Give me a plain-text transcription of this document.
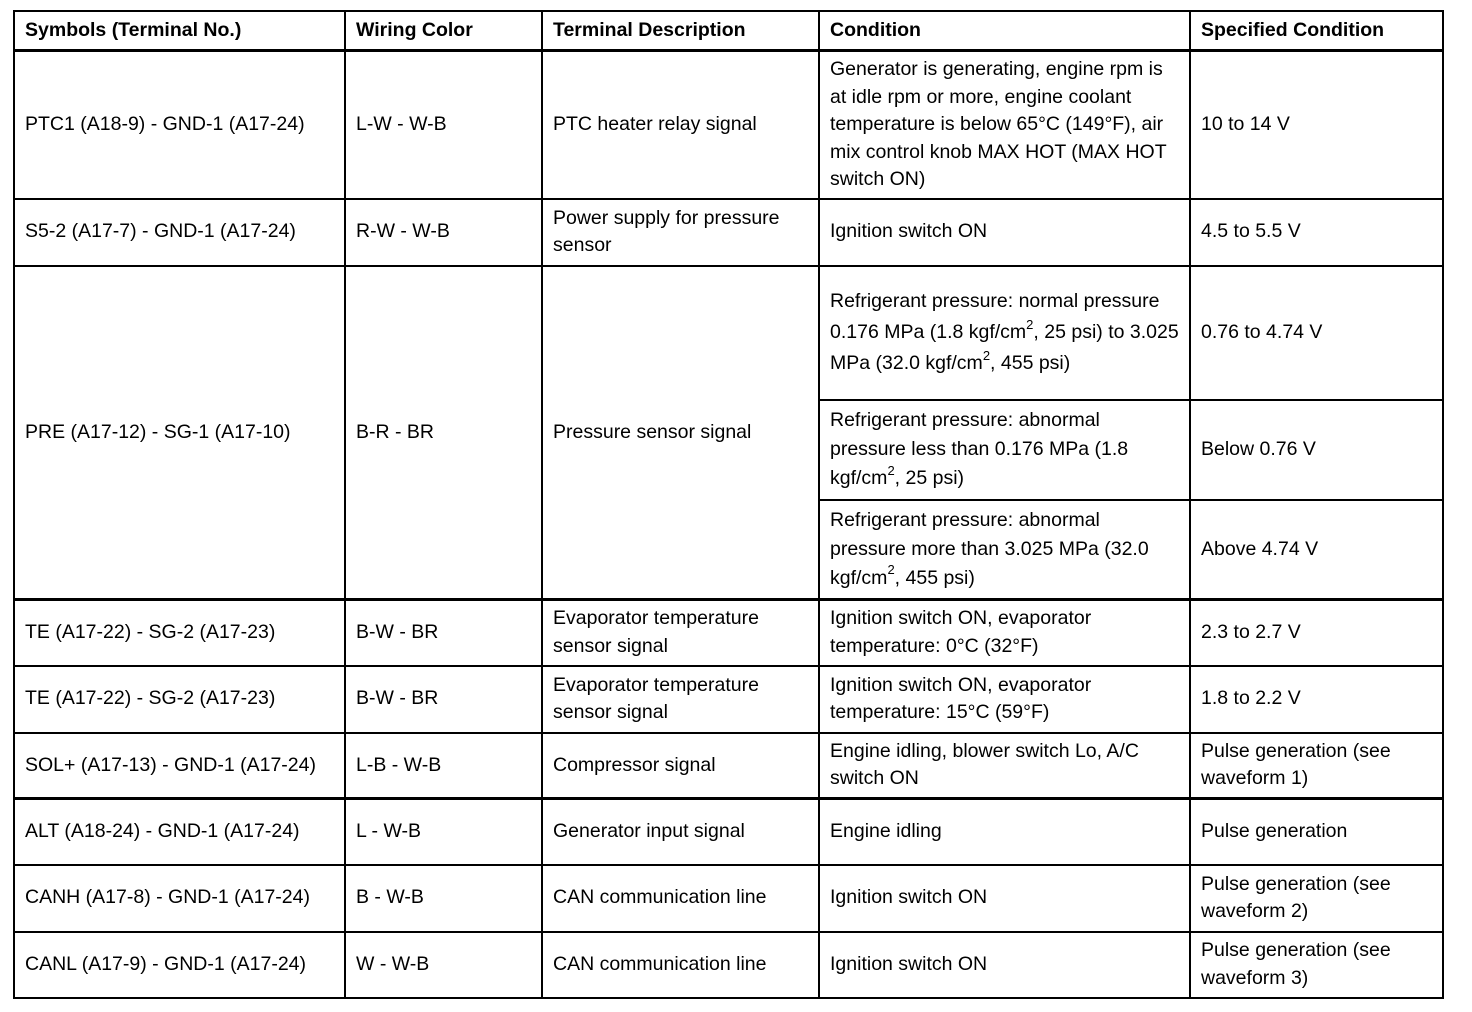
Symbols (Terminal No.)	Wiring Color	Terminal Description	Condition	Specified Condition
PTC1 (A18-9) - GND-1 (A17-24)	L-W - W-B	PTC heater relay signal	Generator is generating, engine rpm is at idle rpm or more, engine coolant temperature is below 65°C (149°F), air mix control knob MAX HOT (MAX HOT switch ON)	10 to 14 V
S5-2 (A17-7) - GND-1 (A17-24)	R-W - W-B	Power supply for pressure sensor	Ignition switch ON	4.5 to 5.5 V
PRE (A17-12) - SG-1 (A17-10)	B-R - BR	Pressure sensor signal	Refrigerant pressure: normal pressure 0.176 MPa (1.8 kgf/$cm^2$, 25 psi) to 3.025 MPa (32.0 kgf/$cm^2$, 455 psi)	0.76 to 4.74 V
			Refrigerant pressure: abnormal pressure less than 0.176 MPa (1.8 kgf/$cm^2$, 25 psi)	Below 0.76 V
			Refrigerant pressure: abnormal pressure more than 3.025 MPa (32.0 kgf/$cm^2$, 455 psi)	Above 4.74 V
TE (A17-22) - SG-2 (A17-23)	B-W - BR	Evaporator temperature sensor signal	Ignition switch ON, evaporator temperature: 0°C (32°F)	2.3 to 2.7 V
TE (A17-22) - SG-2 (A17-23)	B-W - BR	Evaporator temperature sensor signal	Ignition switch ON, evaporator temperature: 15°C (59°F)	1.8 to 2.2 V
SOL+ (A17-13) - GND-1 (A17-24)	L-B - W-B	Compressor signal	Engine idling, blower switch Lo, A/C switch ON	Pulse generation (see waveform 1)
ALT (A18-24) - GND-1 (A17-24)	L - W-B	Generator input signal	Engine idling	Pulse generation
CANH (A17-8) - GND-1 (A17-24)	B - W-B	CAN communication line	Ignition switch ON	Pulse generation (see waveform 2)
CANL (A17-9) - GND-1 (A17-24)	W - W-B	CAN communication line	Ignition switch ON	Pulse generation (see waveform 3)
